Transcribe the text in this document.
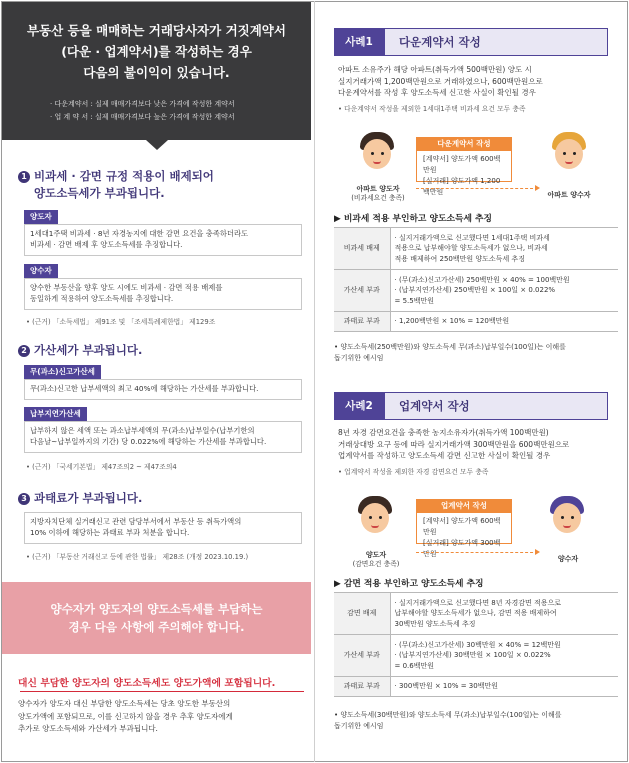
부동산 등을 매매하는 거래당사자가 거짓계약서
(다운 · 업계약서)를 작성하는 경우
다음의 불이익이 있습니다.
· 다운계약서 : 실제 매매가격보다 낮은 가격에 작성한 계약서
· 업 계 약 서 : 실제 매매가격보다 높은 가격에 작성한 계약서
1 비과세 · 감면 규정 적용이 배제되어
양도소득세가 부과됩니다.
양도자
1세대1주택 비과세 · 8년 자경농지에 대한 감면 요건을 충족하더라도
비과세 · 감면 배제 후 양도소득세를 추징합니다.
양수자
양수한 부동산을 향후 양도 시에도 비과세 · 감면 적용 배제를
동일하게 적용하여 양도소득세를 추징합니다.
• (근거) 「소득세법」 제91조 및 「조세특례제한법」 제129조
2 가산세가 부과됩니다.
무(과소)신고가산세
무(과소)신고한 납부세액의 최고 40%에 해당하는 가산세를 부과합니다.
납부지연가산세
납부하지 않은 세액 또는 과소납부세액의 무(과소)납부일수(납부기한의
다음날~납부일까지의 기간) 당 0.022%에 해당하는 가산세를 부과합니다.
• (근거) 「국세기본법」 제47조의2 ~ 제47조의4
3 과태료가 부과됩니다.
지방자치단체 실거래신고 관련 담당부서에서 부동산 등 취득가액의
10% 이하에 해당하는 과태료 부과 처분을 합니다.
• (근거) 「부동산 거래신고 등에 관한 법률」 제28조 (개정 2023.10.19.)
양수자가 양도자의 양도소득세를 부담하는
경우 다음 사항에 주의해야 합니다.
대신 부담한 양도자의 양도소득세도 양도가액에 포함됩니다.
양수자가 양도자 대신 부담한 양도소득세는 당초 양도한 부동산의
양도가액에 포함되므로, 이를 신고하지 않을 경우 추후 양도자에게
추가로 양도소득세와 가산세가 부과됩니다.
사례1	다운계약서 작성
아파트 소유주가 해당 아파트(취득가액 500백만원) 양도 시
실지거래가액 1,200백만원으로 거래하였으나, 600백만원으로
다운계약서를 작성 후 양도소득세 신고한 사실이 확인될 경우
• 다운계약서 작성을 제외한 1세대1주택 비과세 요건 모두 충족

아파트 양도자

(비과세요건 충족)

다운계약서 작성
[계약서] 양도가액 600백만원
[실거래] 양도가액 1,200백만원	아파트 양수자

▶ 비과세 적용 부인하고 양도소득세 추징
비과세 배제	· 실지거래가액으로 신고했다면 1세대1주택 비과세
적용으로 납부해야할 양도소득세가 없으나, 비과세
적용 배제하여 250백만원 양도소득세 추징
가산세 부과	· (무(과소)신고가산세) 250백만원 × 40% = 100백만원
· (납부지연가산세) 250백만원 × 100일 × 0.022%
= 5.5백만원
과태료 부과	· 1,200백만원 × 10% = 120백만원
• 양도소득세(250백만원)와 양도소득세 무(과소)납부일수(100일)는 이해를
돕기위한 예시임
사례2	업계약서 작성
8년 자경 감면요건을 충족한 농지소유자가(취득가액 100백만원)
거래상대방 요구 등에 따라 실지거래가액 300백만원을 600백만원으로
업계약서를 작성하고 양도소득세 감면 신고한 사실이 확인될 경우
• 업계약서 작성을 제외한 자경 감면요건 모두 충족

양도자

(감면요건 충족)

업계약서 작성
[계약서] 양도가액 600백만원
[실거래] 양도가액 300백만원

양수자

▶ 감면 적용 부인하고 양도소득세 추징
감면 배제	· 실지거래가액으로 신고했다면 8년 자경감면 적용으로
납부해야할 양도소득세가 없으나, 감면 적용 배제하여
30백만원 양도소득세 추징
가산세 부과	· (무(과소)신고가산세) 30백만원 × 40% = 12백만원
· (납부지연가산세) 30백만원 × 100일 × 0.022%
= 0.6백만원
과태료 부과	· 300백만원 × 10% = 30백만원
• 양도소득세(30백만원)와 양도소득세 무(과소)납부일수(100일)는 이해를
돕기위한 예시임
